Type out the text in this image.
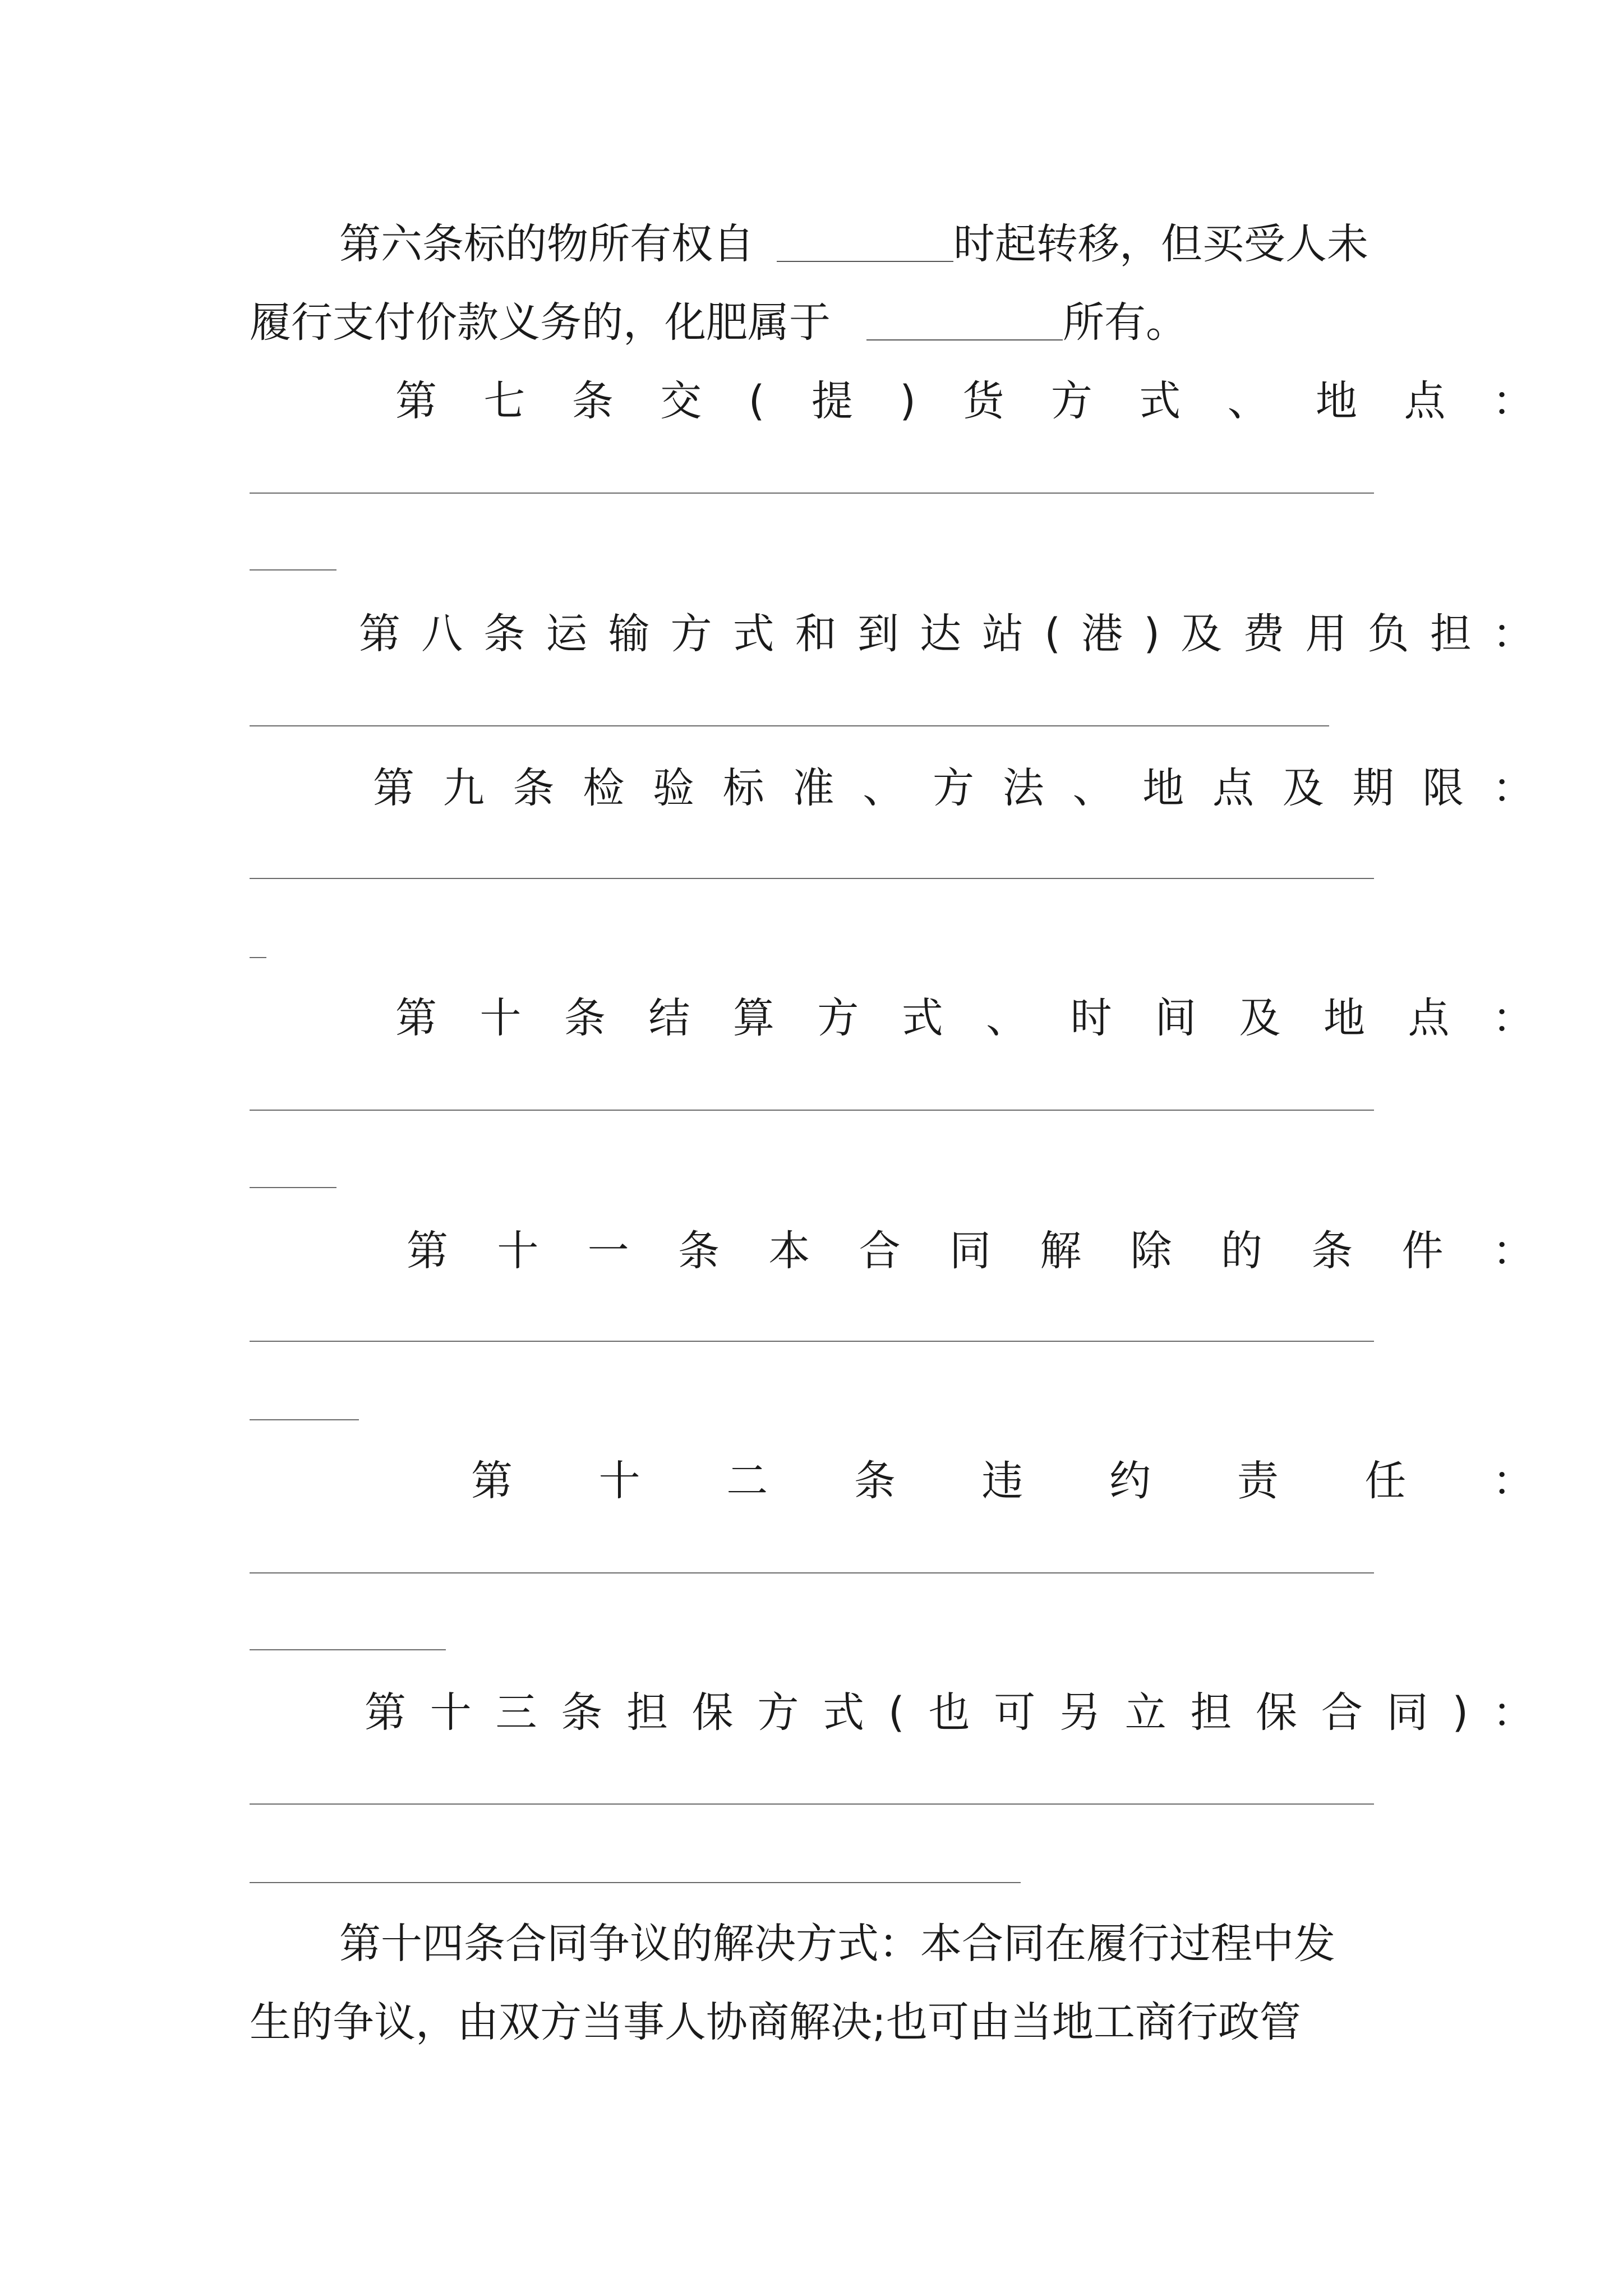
第六条标的物所有权自	时起转移，但买受人未
履行支付价款义务的，化肥属于	所有。
第 七 条 交 ( 提 ) 货 方 式 、 地 点 ：
第 八 条 运 输 方 式 和 到 达 站 ( 港 ) 及 费 用 负 担 ：
第 九 条 检 验 标 准 、 方 法 、 地 点 及 期 限 ：
第 十 条 结 算 方 式 、 时 间 及 地 点 ：
第 十 一 条 本 合 同 解 除 的 条 件 ：
第 十 二 条 违 约 责 任 ：
第 十 三 条 担 保 方 式 ( 也 可 另 立 担 保 合 同 ) ：
第十四条合同争议的解决方式：本合同在履行过程中发
生的争议，由双方当事人协商解决;也可由当地工商行政管
